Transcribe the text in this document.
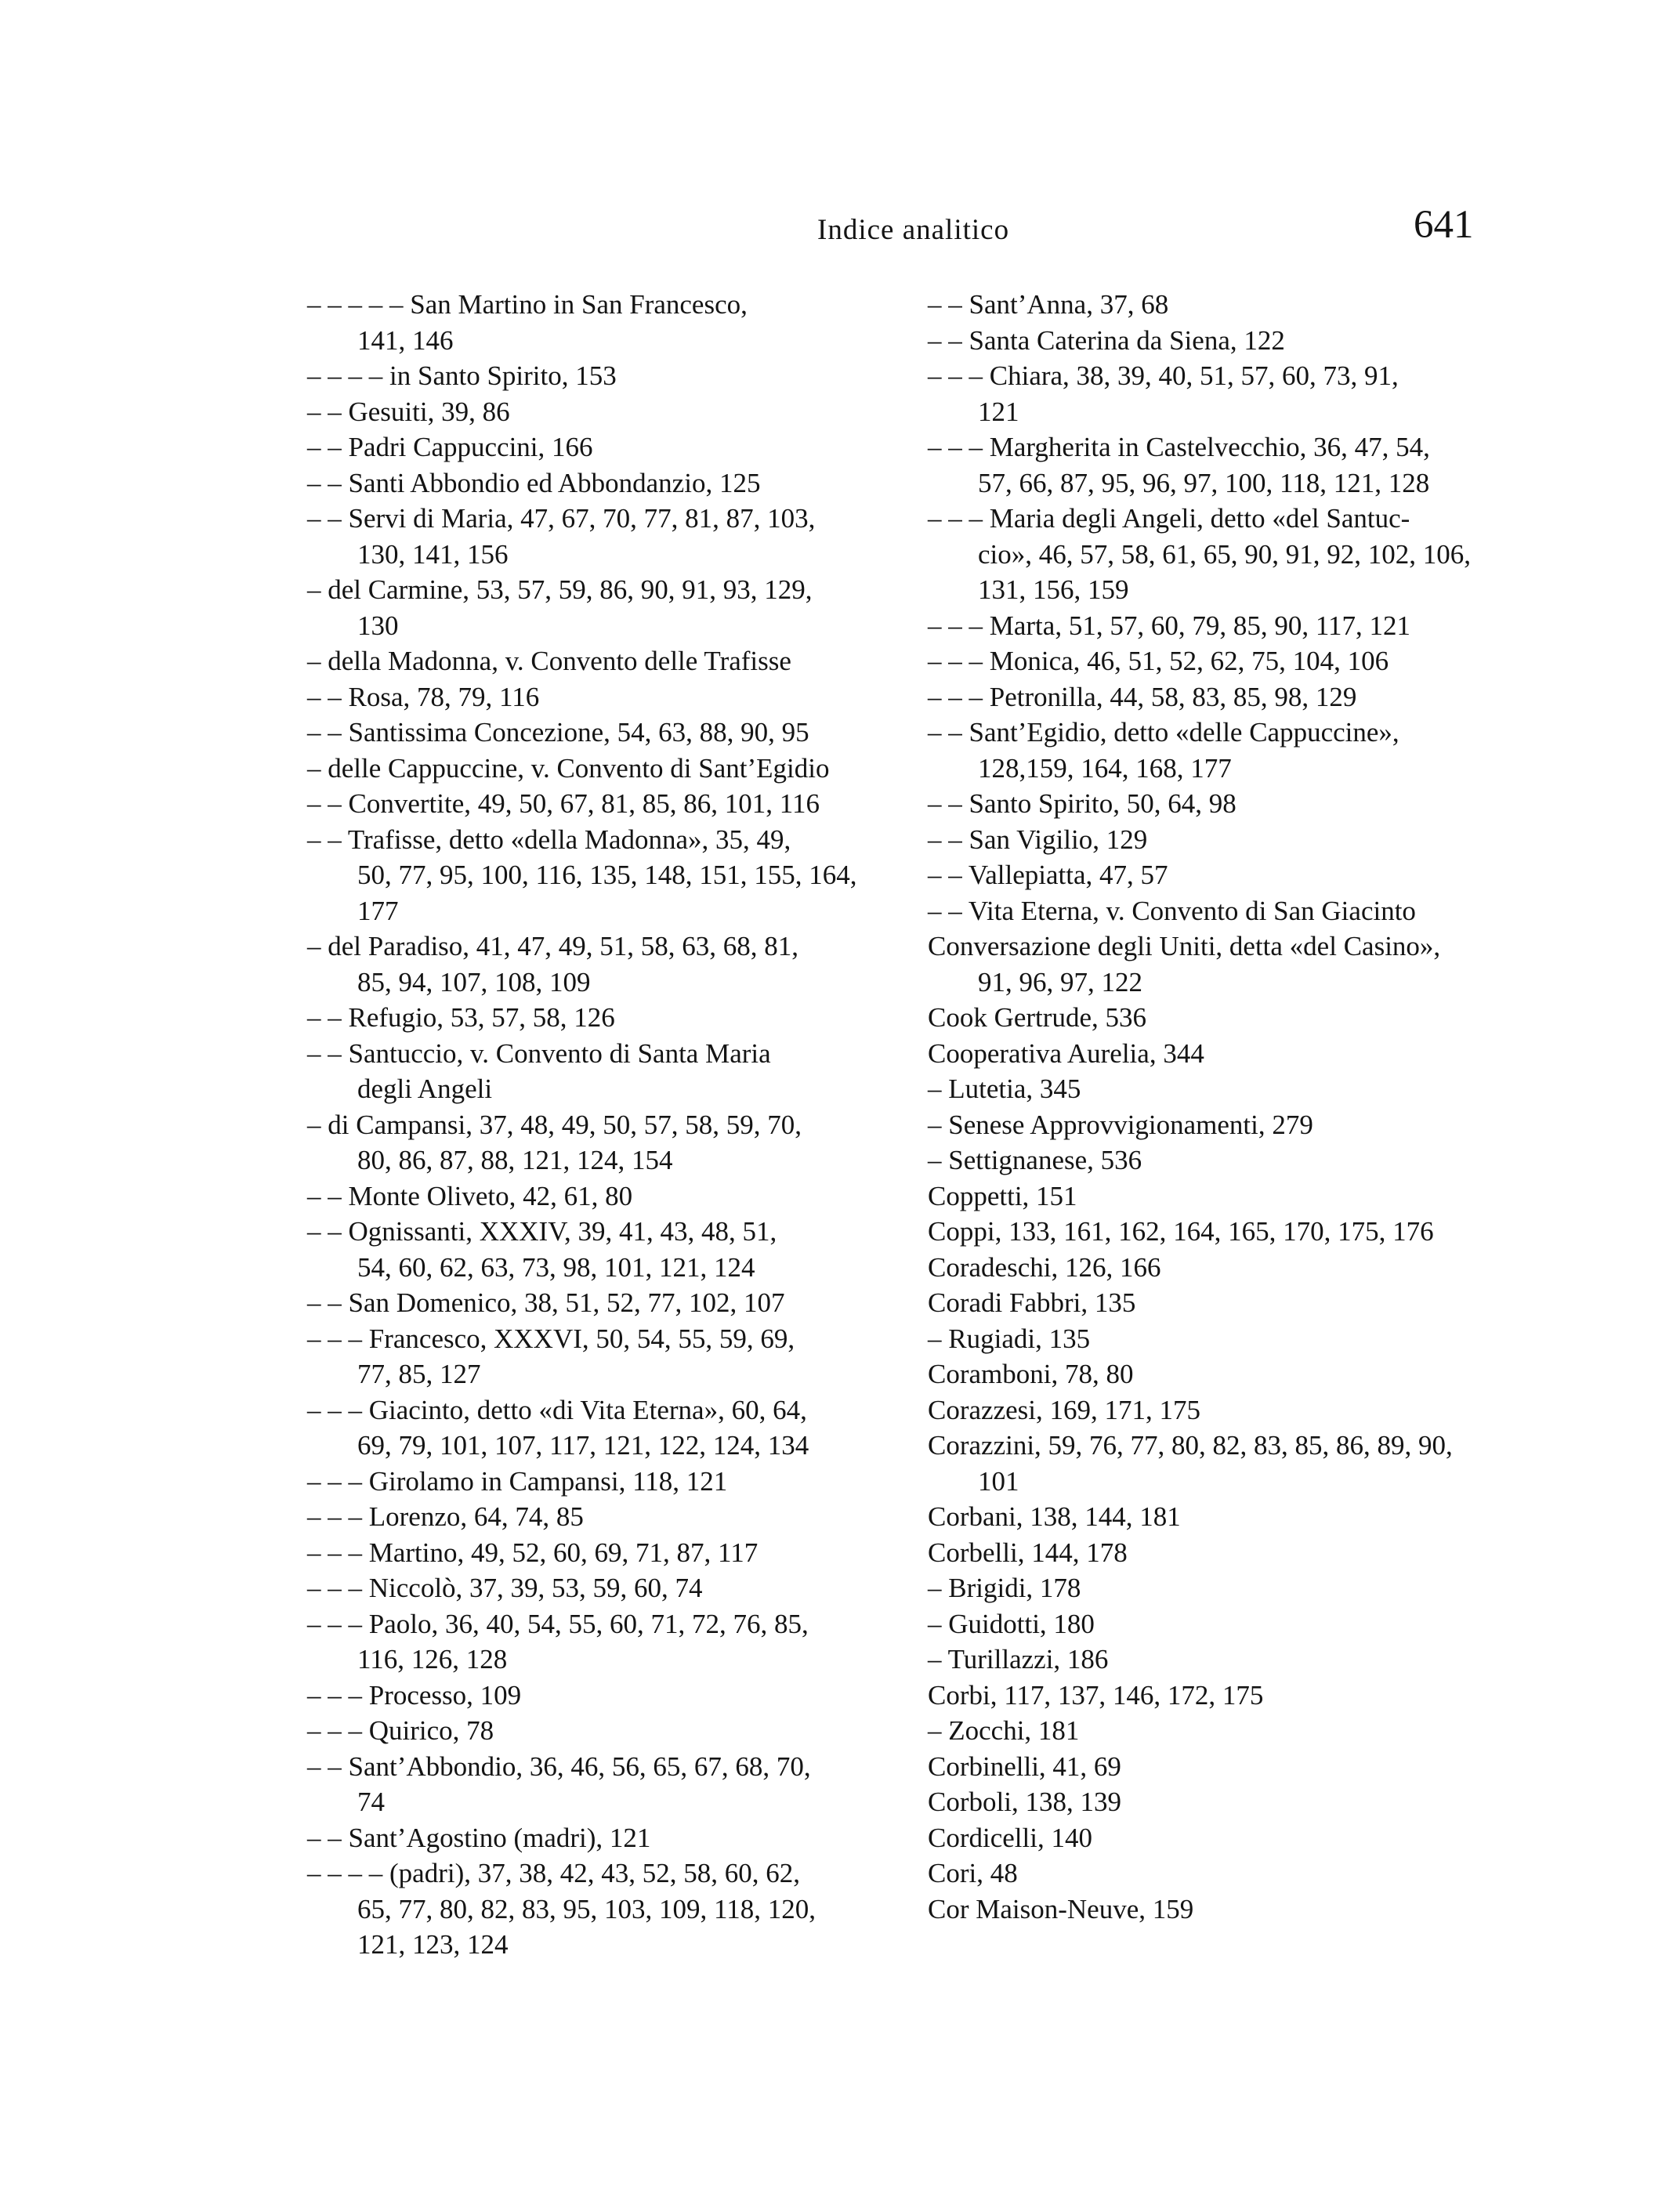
Indice analitico	641
– – – – – San Martino in San Francesco,
141, 146
– – – – in Santo Spirito, 153
– – Gesuiti, 39, 86
– – Padri Cappuccini, 166
– – Santi Abbondio ed Abbondanzio, 125
– – Servi di Maria, 47, 67, 70, 77, 81, 87, 103,
130, 141, 156
– del Carmine, 53, 57, 59, 86, 90, 91, 93, 129,
130
– della Madonna, v. Convento delle Trafisse
– – Rosa, 78, 79, 116
– – Santissima Concezione, 54, 63, 88, 90, 95
– delle Cappuccine, v. Convento di Sant’Egidio
– – Convertite, 49, 50, 67, 81, 85, 86, 101, 116
– – Trafisse, detto «della Madonna», 35, 49,
50, 77, 95, 100, 116, 135, 148, 151, 155, 164,
177
– del Paradiso, 41, 47, 49, 51, 58, 63, 68, 81,
85, 94, 107, 108, 109
– – Refugio, 53, 57, 58, 126
– – Santuccio, v. Convento di Santa Maria
degli Angeli
– di Campansi, 37, 48, 49, 50, 57, 58, 59, 70,
80, 86, 87, 88, 121, 124, 154
– – Monte Oliveto, 42, 61, 80
– – Ognissanti, XXXIV, 39, 41, 43, 48, 51,
54, 60, 62, 63, 73, 98, 101, 121, 124
– – San Domenico, 38, 51, 52, 77, 102, 107
– – – Francesco, XXXVI, 50, 54, 55, 59, 69,
77, 85, 127
– – – Giacinto, detto «di Vita Eterna», 60, 64,
69, 79, 101, 107, 117, 121, 122, 124, 134
– – – Girolamo in Campansi, 118, 121
– – – Lorenzo, 64, 74, 85
– – – Martino, 49, 52, 60, 69, 71, 87, 117
– – – Niccolò, 37, 39, 53, 59, 60, 74
– – – Paolo, 36, 40, 54, 55, 60, 71, 72, 76, 85,
116, 126, 128
– – – Processo, 109
– – – Quirico, 78
– – Sant’Abbondio, 36, 46, 56, 65, 67, 68, 70,
74
– – Sant’Agostino (madri), 121
– – – – (padri), 37, 38, 42, 43, 52, 58, 60, 62,
65, 77, 80, 82, 83, 95, 103, 109, 118, 120,
121, 123, 124
– – Sant’Anna, 37, 68
– – Santa Caterina da Siena, 122
– – – Chiara, 38, 39, 40, 51, 57, 60, 73, 91,
121
– – – Margherita in Castelvecchio, 36, 47, 54,
57, 66, 87, 95, 96, 97, 100, 118, 121, 128
– – – Maria degli Angeli, detto «del Santuc-
cio», 46, 57, 58, 61, 65, 90, 91, 92, 102, 106,
131, 156, 159
– – – Marta, 51, 57, 60, 79, 85, 90, 117, 121
– – – Monica, 46, 51, 52, 62, 75, 104, 106
– – – Petronilla, 44, 58, 83, 85, 98, 129
– – Sant’Egidio, detto «delle Cappuccine»,
128,159, 164, 168, 177
– – Santo Spirito, 50, 64, 98
– – San Vigilio, 129
– – Vallepiatta, 47, 57
– – Vita Eterna, v. Convento di San Giacinto
Conversazione degli Uniti, detta «del Casino»,
91, 96, 97, 122
Cook Gertrude, 536
Cooperativa Aurelia, 344
– Lutetia, 345
– Senese Approvvigionamenti, 279
– Settignanese, 536
Coppetti, 151
Coppi, 133, 161, 162, 164, 165, 170, 175, 176
Coradeschi, 126, 166
Coradi Fabbri, 135
– Rugiadi, 135
Coramboni, 78, 80
Corazzesi, 169, 171, 175
Corazzini, 59, 76, 77, 80, 82, 83, 85, 86, 89, 90,
101
Corbani, 138, 144, 181
Corbelli, 144, 178
– Brigidi, 178
– Guidotti, 180
– Turillazzi, 186
Corbi, 117, 137, 146, 172, 175
– Zocchi, 181
Corbinelli, 41, 69
Corboli, 138, 139
Cordicelli, 140
Cori, 48
Cor Maison-Neuve, 159
